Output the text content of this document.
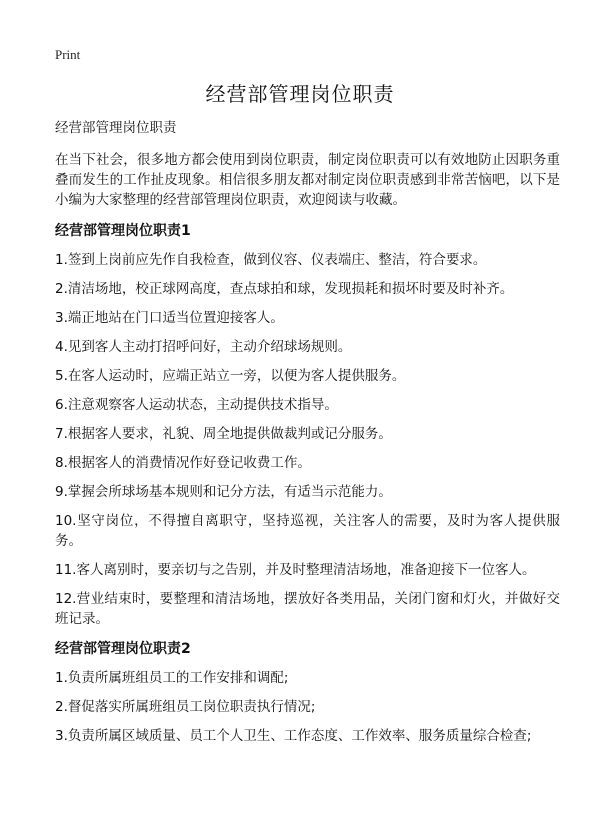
Print
经营部管理岗位职责

经营部管理岗位职责

在当下社会，很多地方都会使用到岗位职责，制定岗位职责可以有效地防止因职务重叠而发生的工作扯皮现象。相信很多朋友都对制定岗位职责感到非常苦恼吧，以下是小编为大家整理的经营部管理岗位职责，欢迎阅读与收藏。

经营部管理岗位职责1
1.签到上岗前应先作自我检查，做到仪容、仪表端庄、整洁，符合要求。
2.清洁场地，校正球网高度，查点球拍和球，发现损耗和损坏时要及时补齐。
3.端正地站在门口适当位置迎接客人。
4.见到客人主动打招呼问好，主动介绍球场规则。
5.在客人运动时，应端正站立一旁，以便为客人提供服务。
6.注意观察客人运动状态，主动提供技术指导。
7.根据客人要求，礼貌、周全地提供做裁判或记分服务。
8.根据客人的消费情况作好登记收费工作。
9.掌握会所球场基本规则和记分方法，有适当示范能力。
10.坚守岗位，不得擅自离职守，坚持巡视，关注客人的需要，及时为客人提供服务。
11.客人离别时，要亲切与之告别，并及时整理清洁场地，准备迎接下一位客人。
12.营业结束时，要整理和清洁场地，摆放好各类用品，关闭门窗和灯火，并做好交班记录。
经营部管理岗位职责2
1.负责所属班组员工的工作安排和调配;
2.督促落实所属班组员工岗位职责执行情况;
3.负责所属区域质量、员工个人卫生、工作态度、工作效率、服务质量综合检查;
